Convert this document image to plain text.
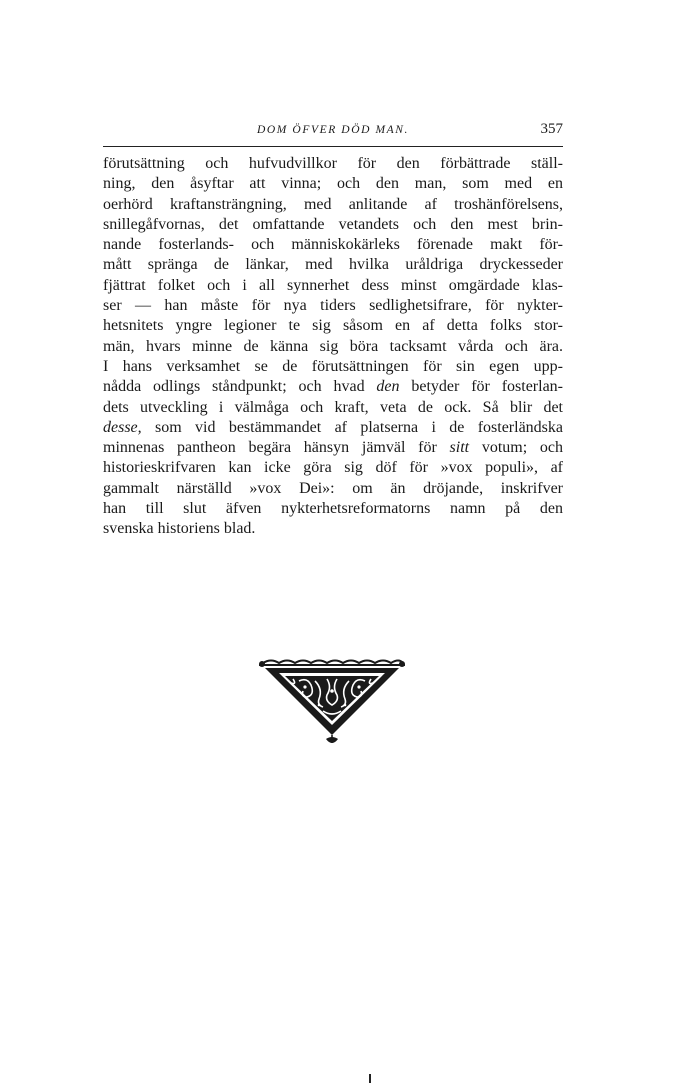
DOM ÖFVER DÖD MAN.	357
förutsättning och hufvudvillkor för den förbättrade ställ-
ning, den åsyftar att vinna; och den man, som med en
oerhörd kraftansträngning, med anlitande af troshänförelsens,
snillegåfvornas, det omfattande vetandets och den mest brin-
nande fosterlands- och människokärleks förenade makt för-
mått spränga de länkar, med hvilka uråldriga dryckesseder
fjättrat folket och i all synnerhet dess minst omgärdade klas-
ser — han måste för nya tiders sedlighetsifrare, för nykter-
hetsnitets yngre legioner te sig såsom en af detta folks stor-
män, hvars minne de känna sig böra tacksamt vårda och ära.
I hans verksamhet se de förutsättningen för sin egen upp-
nådda odlings ståndpunkt; och hvad den betyder för fosterlan-
dets utveckling i välmåga och kraft, veta de ock. Så blir det
desse, som vid bestämmandet af platserna i de fosterländska
minnenas pantheon begära hänsyn jämväl för sitt votum; och
historieskrifvaren kan icke göra sig döf för »vox populi», af
gammalt närställd »vox Dei»: om än dröjande, inskrifver
han till slut äfven nykterhetsreformatorns namn på den
svenska historiens blad.
